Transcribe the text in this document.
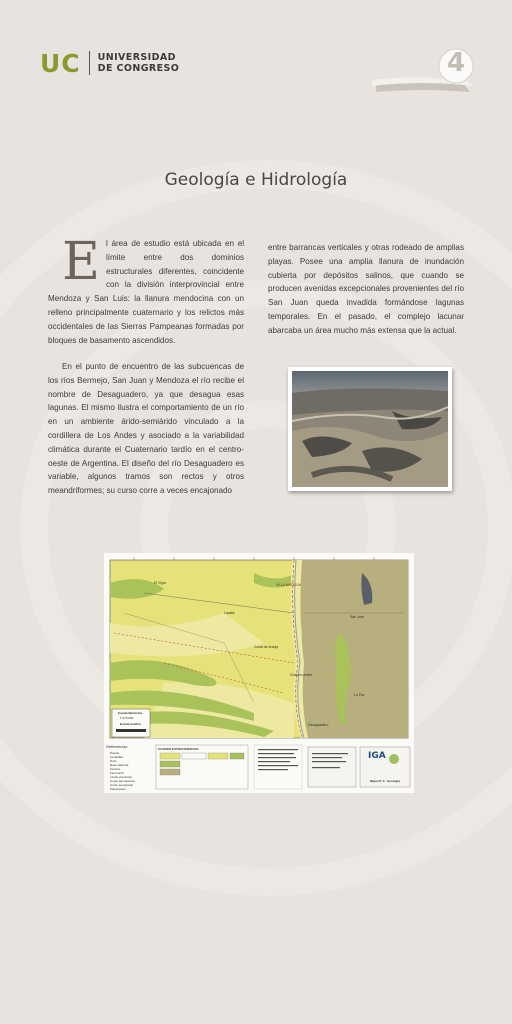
UC UNIVERSIDAD
DE CONGRESO	4
Geología e Hidrología
E l área de estudio está ubicada en el límite entre dos dominios estructurales diferentes, coincidente con la división interprovincial entre Mendoza y San Luis: la llanura mendocina con un relleno principalmente cuaternario y los relictos más occidentales de las Sierras Pampeanas formadas por bloques de basamento ascendidos.
En el punto de encuentro de las subcuencas de los ríos Bermejo, San Juan y Mendoza el río recibe el nombre de Desaguadero, ya que desagua esas lagunas. El mismo ilustra el comportamiento de un río en un ambiente árido-semiárido vinculado a la cordillera de Los Andes y asociado a la variabilidad climática durante el Cuaternario tardío en el centro-oeste de Argentina. El diseño del río Desaguadero es variable, algunos tramos son rectos y otros meandriformes; su curso corre a veces encajonado
entre barrancas verticales y otras rodeado de amplias playas. Posee una amplia llanura de inundación cubierta por depósitos salinos, que cuando se producen avenidas excepcionales provenientes del río San Juan queda invadida formándose lagunas temporales. En el pasado, el complejo lacunar abarcaba un área mucho más extensa que la actual.
El Vigía	VILLA ANTIGUA
Lavalle
Costa de Araujo
Gustavo André
San José
La Paz
Desaguadero
Escala Numérica
1:375.000
Escala Gráfica
Referencias
Puesto
Localidad
Pozo
Ruta nacional
Camino
Ferrocarril
Límite provincial
Curso permanente
Curso temporario
Paleocauce
CUADRO ESTRATIGRÁFICO
IGA
Mapa N° 3 - Geología
